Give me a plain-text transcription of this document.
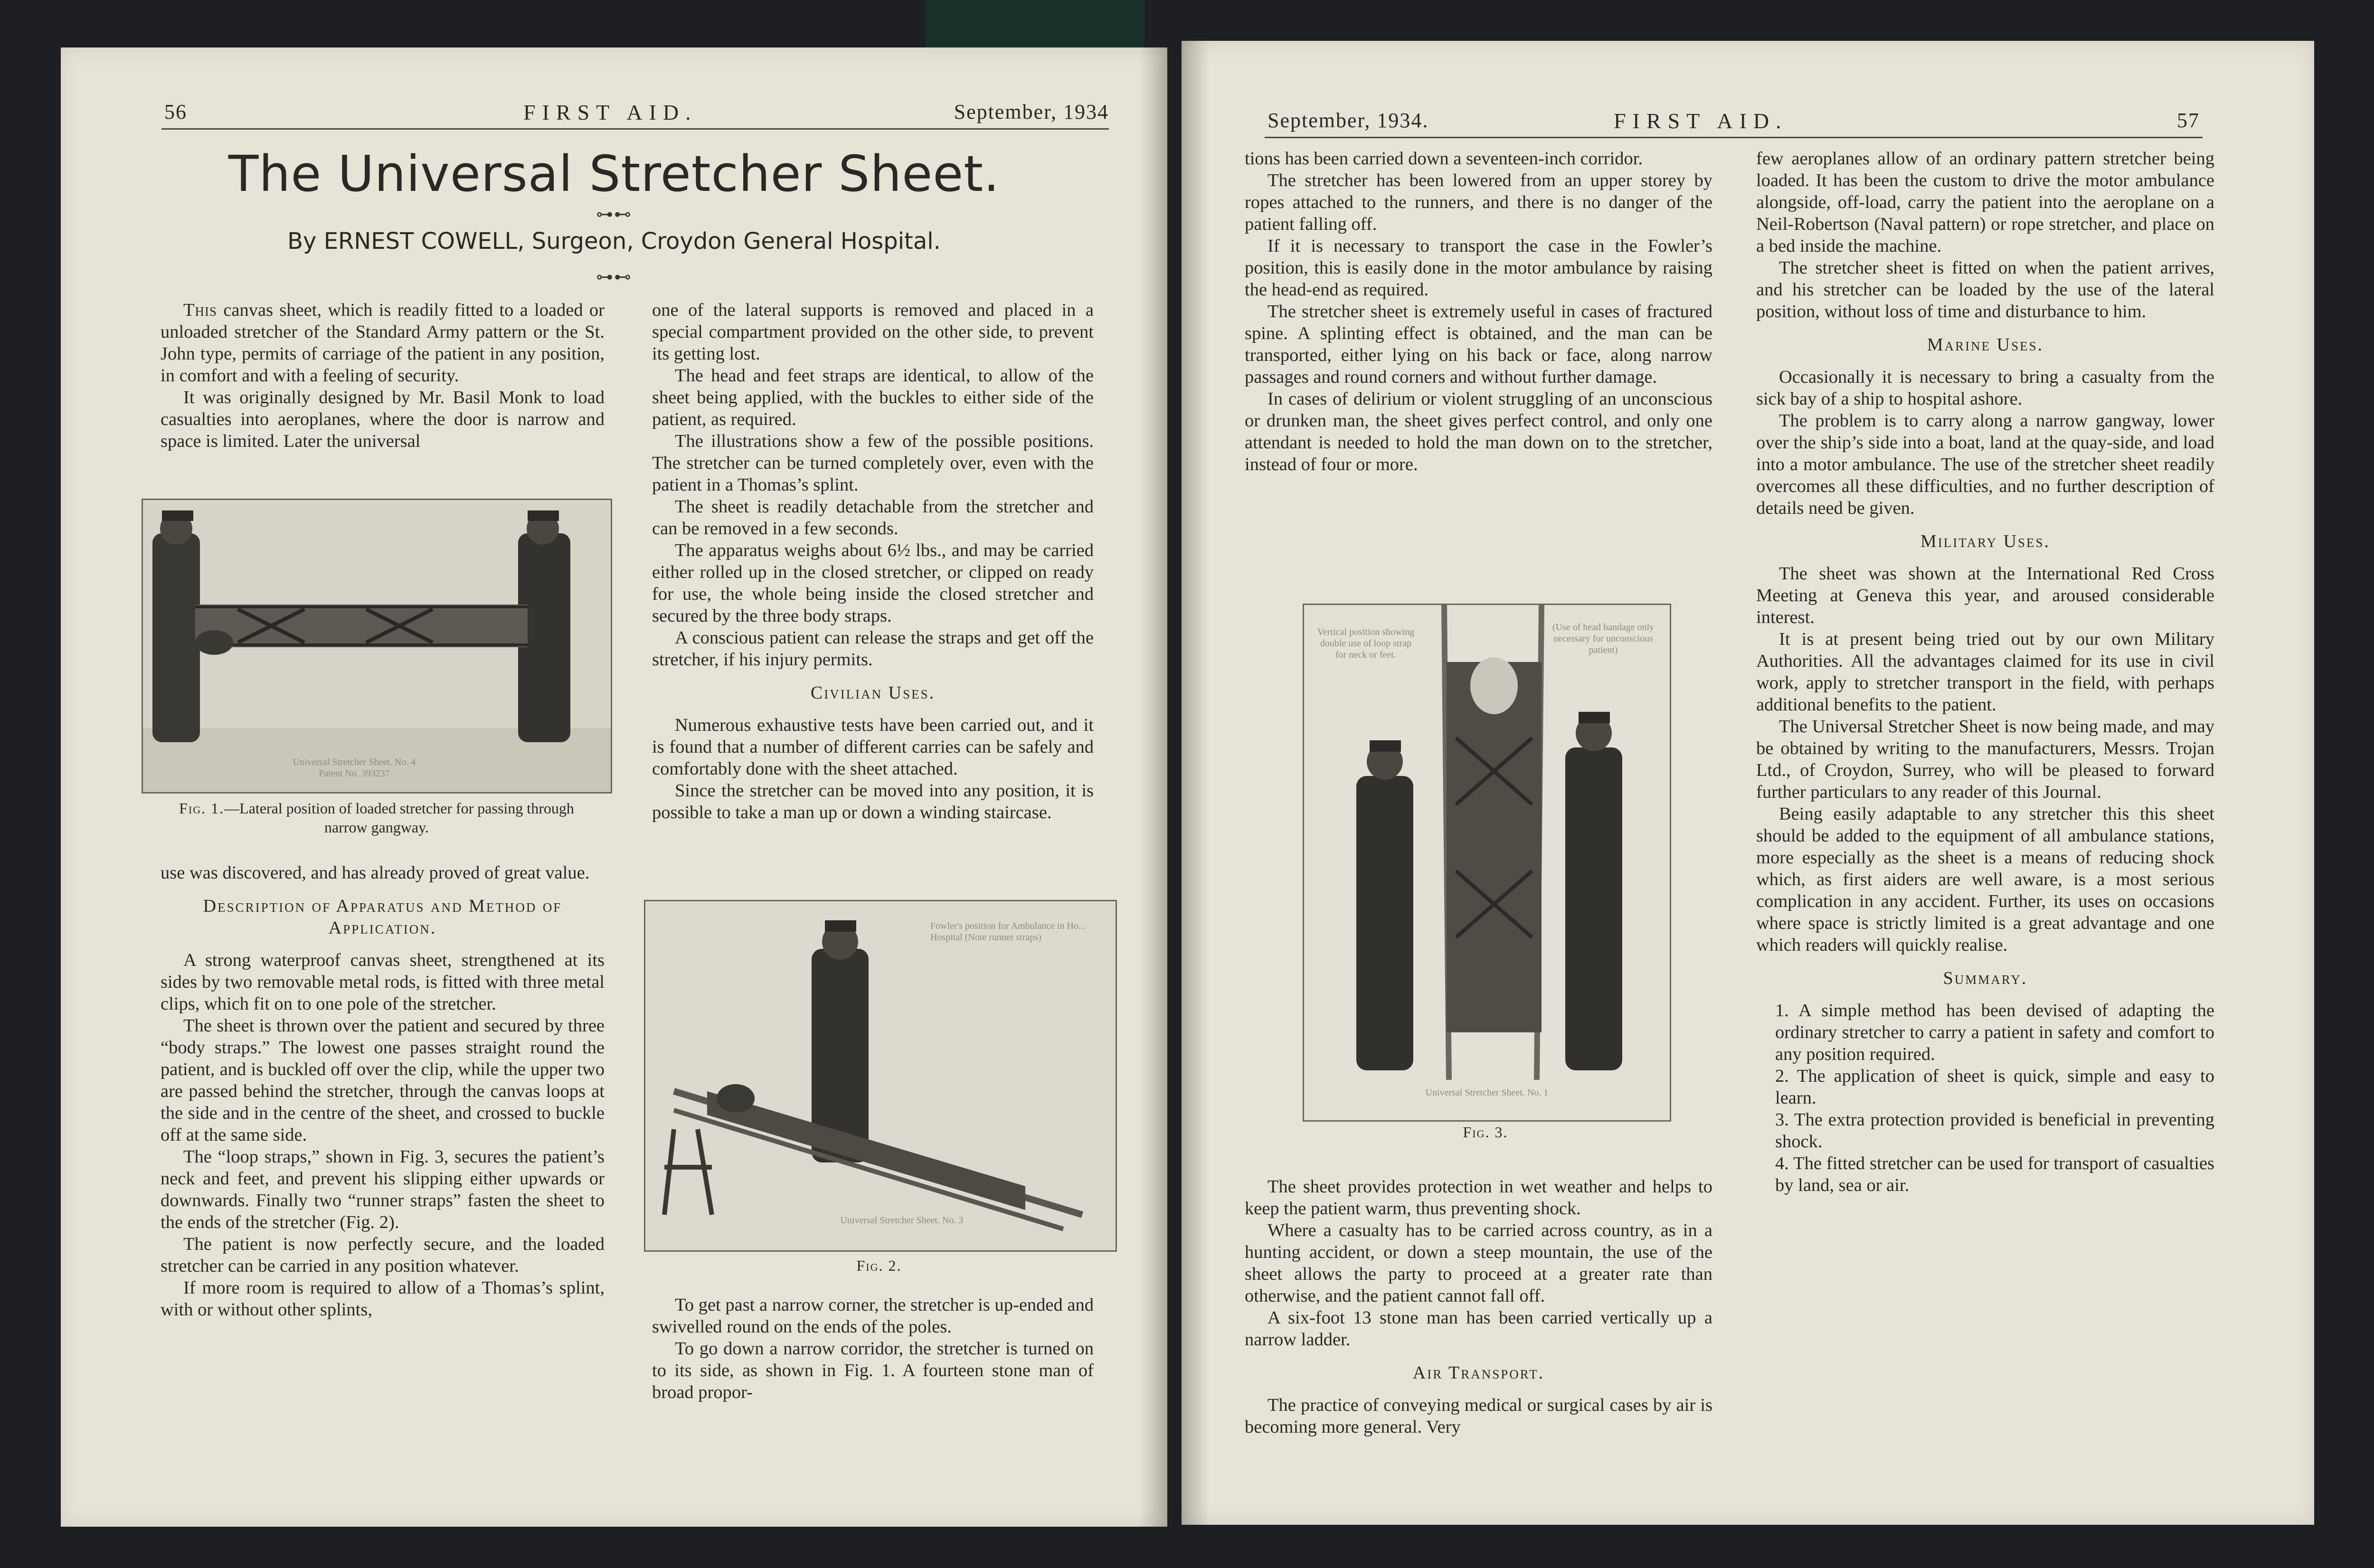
56	FIRST AID.	September, 1934
The Universal Stretcher Sheet.
⊶⊷
By ERNEST COWELL, Surgeon, Croydon General Hospital.
⊶⊷

This canvas sheet, which is readily fitted to a loaded or unloaded stretcher of the Standard Army pattern or the St. John type, permits of carriage of the patient in any position, in comfort and with a feeling of security.

It was originally designed by Mr. Basil Monk to load casualties into aeroplanes, where the door is narrow and space is limited. Later the universal

Universal Stretcher Sheet. No. 4 Patent No. 393237
Fig. 1.—Lateral position of loaded stretcher for passing through narrow gangway.

use was discovered, and has already proved of great value.

Description of Apparatus and Method of Application.

A strong waterproof canvas sheet, strengthened at its sides by two removable metal rods, is fitted with three metal clips, which fit on to one pole of the stretcher.

The sheet is thrown over the patient and secured by three “body straps.” The lowest one passes straight round the patient, and is buckled off over the clip, while the upper two are passed behind the stretcher, through the canvas loops at the side and in the centre of the sheet, and crossed to buckle off at the same side.

The “loop straps,” shown in Fig. 3, secures the patient’s neck and feet, and prevent his slipping either upwards or downwards. Finally two “runner straps” fasten the sheet to the ends of the stretcher (Fig. 2).

The patient is now perfectly secure, and the loaded stretcher can be carried in any position whatever.

If more room is required to allow of a Thomas’s splint, with or without other splints,

one of the lateral supports is removed and placed in a special compartment provided on the other side, to prevent its getting lost.

The head and feet straps are identical, to allow of the sheet being applied, with the buckles to either side of the patient, as required.

The illustrations show a few of the possible positions. The stretcher can be turned completely over, even with the patient in a Thomas’s splint.

The sheet is readily detachable from the stretcher and can be removed in a few seconds.

The apparatus weighs about 6½ lbs., and may be carried either rolled up in the closed stretcher, or clipped on ready for use, the whole being inside the closed stretcher and secured by the three body straps.

A conscious patient can release the straps and get off the stretcher, if his injury permits.

Civilian Uses.

Numerous exhaustive tests have been carried out, and it is found that a number of different carries can be safely and comfortably done with the sheet attached.

Since the stretcher can be moved into any position, it is possible to take a man up or down a winding staircase.

Fowler's position for Ambulance in Ho... Hospital (Note runner straps)
Universal Stretcher Sheet. No. 3
Fig. 2.

To get past a narrow corner, the stretcher is up-ended and swivelled round on the ends of the poles.

To go down a narrow corridor, the stretcher is turned on to its side, as shown in Fig. 1. A fourteen stone man of broad propor-

September, 1934.	FIRST AID.	57

tions has been carried down a seventeen-inch corridor.

The stretcher has been lowered from an upper storey by ropes attached to the runners, and there is no danger of the patient falling off.

If it is necessary to transport the case in the Fowler’s position, this is easily done in the motor ambulance by raising the head-end as required.

The stretcher sheet is extremely useful in cases of fractured spine. A splinting effect is obtained, and the man can be transported, either lying on his back or face, along narrow passages and round corners and without further damage.

In cases of delirium or violent struggling of an unconscious or drunken man, the sheet gives perfect control, and only one attendant is needed to hold the man down on to the stretcher, instead of four or more.

Vertical position showing double use of loop strap for neck or feet.
(Use of head bandage only necessary for unconscious patient)
Universal Stretcher Sheet. No. 1
Fig. 3.

The sheet provides protection in wet weather and helps to keep the patient warm, thus preventing shock.

Where a casualty has to be carried across country, as in a hunting accident, or down a steep mountain, the use of the sheet allows the party to proceed at a greater rate than otherwise, and the patient cannot fall off.

A six-foot 13 stone man has been carried vertically up a narrow ladder.

Air Transport.

The practice of conveying medical or surgical cases by air is becoming more general. Very

few aeroplanes allow of an ordinary pattern stretcher being loaded. It has been the custom to drive the motor ambulance alongside, off-load, carry the patient into the aeroplane on a Neil-Robertson (Naval pattern) or rope stretcher, and place on a bed inside the machine.

The stretcher sheet is fitted on when the patient arrives, and his stretcher can be loaded by the use of the lateral position, without loss of time and disturbance to him.

Marine Uses.

Occasionally it is necessary to bring a casualty from the sick bay of a ship to hospital ashore.

The problem is to carry along a narrow gangway, lower over the ship’s side into a boat, land at the quay-side, and load into a motor ambulance. The use of the stretcher sheet readily overcomes all these difficulties, and no further description of details need be given.

Military Uses.

The sheet was shown at the International Red Cross Meeting at Geneva this year, and aroused considerable interest.

It is at present being tried out by our own Military Authorities. All the advantages claimed for its use in civil work, apply to stretcher transport in the field, with perhaps additional benefits to the patient.

The Universal Stretcher Sheet is now being made, and may be obtained by writing to the manufacturers, Messrs. Trojan Ltd., of Croydon, Surrey, who will be pleased to forward further particulars to any reader of this Journal.

Being easily adaptable to any stretcher this this sheet should be added to the equipment of all ambulance stations, more especially as the sheet is a means of reducing shock which, as first aiders are well aware, is a most serious complication in any accident. Further, its uses on occasions where space is strictly limited is a great advantage and one which readers will quickly realise.

Summary.

1. A simple method has been devised of adapting the ordinary stretcher to carry a patient in safety and comfort to any position required.

2. The application of sheet is quick, simple and easy to learn.

3. The extra protection provided is beneficial in preventing shock.

4. The fitted stretcher can be used for transport of casualties by land, sea or air.
